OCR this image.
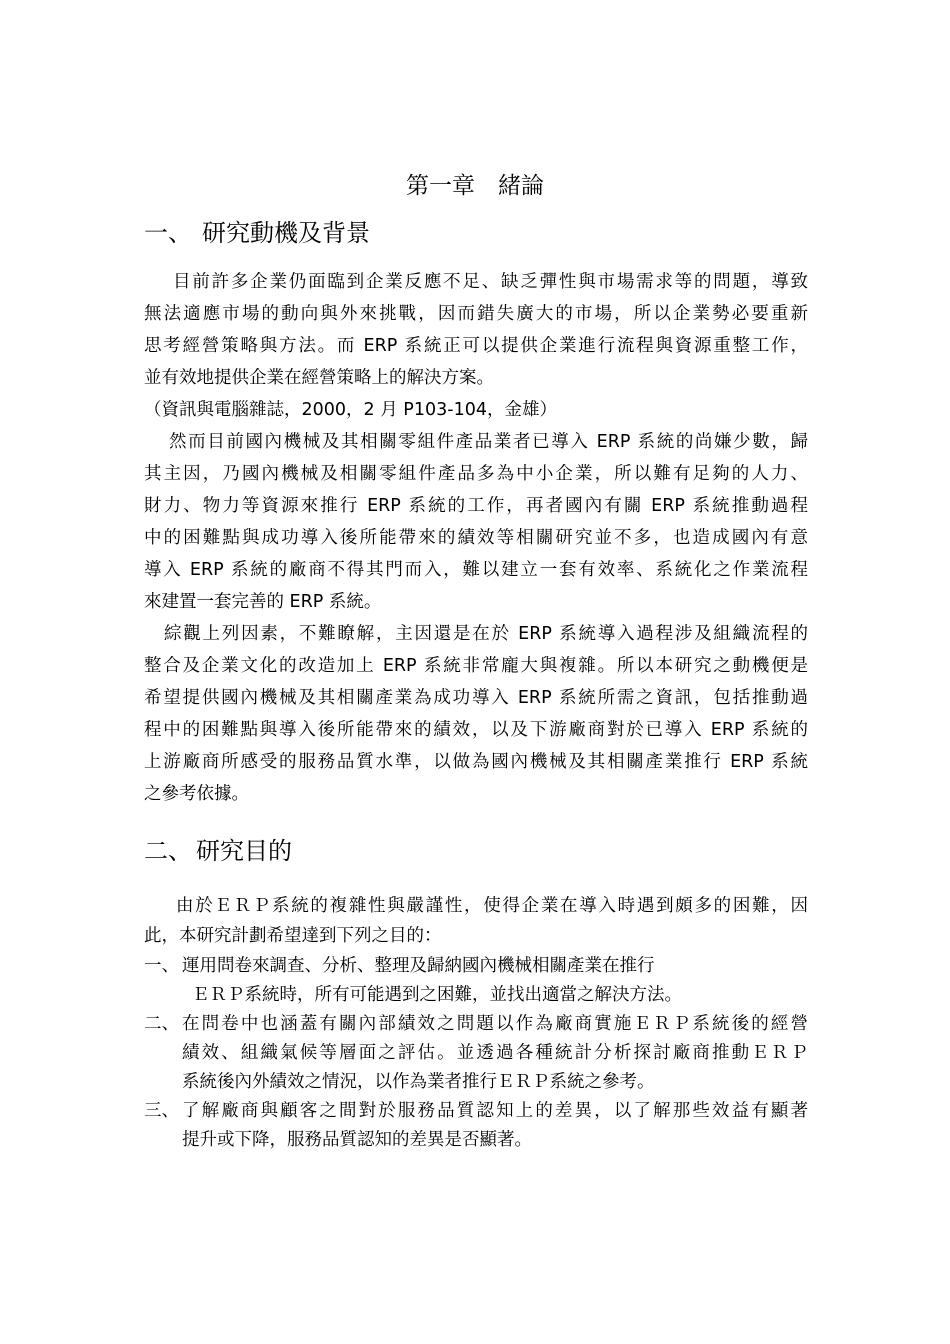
第一章　緒論
一、 研究動機及背景
目前許多企業仍面臨到企業反應不足、缺乏彈性與市場需求等的問題，導致
無法適應市場的動向與外來挑戰，因而錯失廣大的市場，所以企業勢必要重新
思考經營策略與方法。而 ERP 系統正可以提供企業進行流程與資源重整工作，
並有效地提供企業在經營策略上的解決方案。
（資訊與電腦雜誌，2000，2 月 P103-104，金雄）
然而目前國內機械及其相關零組件產品業者已導入 ERP 系統的尚嫌少數，歸
其主因，乃國內機械及相關零組件產品多為中小企業，所以難有足夠的人力、
財力、物力等資源來推行 ERP 系統的工作，再者國內有關 ERP 系統推動過程
中的困難點與成功導入後所能帶來的績效等相關研究並不多，也造成國內有意
導入 ERP 系統的廠商不得其門而入，難以建立一套有效率、系統化之作業流程
來建置一套完善的 ERP 系統。
綜觀上列因素，不難瞭解，主因還是在於 ERP 系統導入過程涉及組織流程的
整合及企業文化的改造加上 ERP 系統非常龐大與複雜。所以本研究之動機便是
希望提供國內機械及其相關產業為成功導入 ERP 系統所需之資訊，包括推動過
程中的困難點與導入後所能帶來的績效，以及下游廠商對於已導入 ERP 系統的
上游廠商所感受的服務品質水準，以做為國內機械及其相關產業推行 ERP 系統
之參考依據。
二、 研究目的
由於ＥＲＰ系統的複雜性與嚴謹性，使得企業在導入時遇到頗多的困難，因
此，本研究計劃希望達到下列之目的：
一、 運用問卷來調查、分析、整理及歸納國內機械相關產業在推行
ＥＲＰ系統時，所有可能遇到之困難，並找出適當之解決方法。
二、 在問卷中也涵蓋有關內部績效之問題以作為廠商實施ＥＲＰ系統後的經營
績效、組織氣候等層面之評估。並透過各種統計分析探討廠商推動ＥＲＰ
系統後內外績效之情況，以作為業者推行ＥＲＰ系統之參考。
三、 了解廠商與顧客之間對於服務品質認知上的差異，以了解那些效益有顯著
提升或下降，服務品質認知的差異是否顯著。
